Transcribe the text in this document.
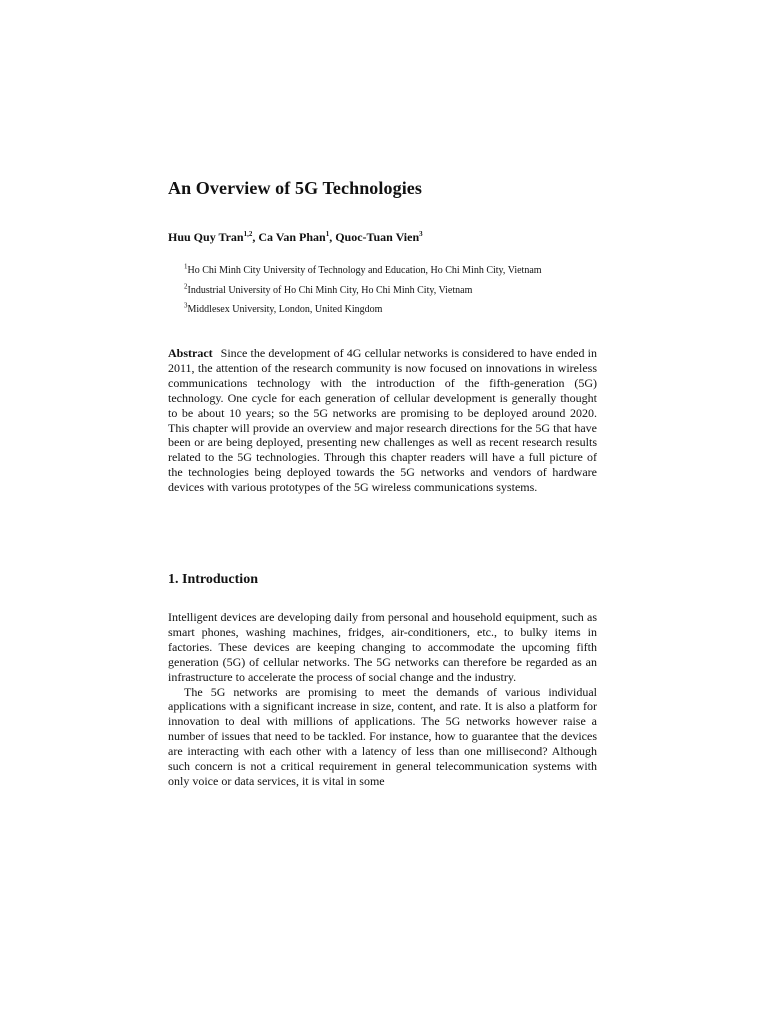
An Overview of 5G Technologies
Huu Quy Tran$^{1,2}$, Ca Van Phan$^1$, Quoc-Tuan Vien$^3$
$^1$Ho Chi Minh City University of Technology and Education, Ho Chi Minh City, Vietnam
$^2$Industrial University of Ho Chi Minh City, Ho Chi Minh City, Vietnam
$^3$Middlesex University, London, United Kingdom

Abstract Since the development of 4G cellular networks is considered to have ended in 2011, the attention of the research community is now focused on innovations in wireless communications technology with the introduction of the fifth-generation (5G) technology. One cycle for each generation of cellular development is generally thought to be about 10 years; so the 5G networks are promising to be deployed around 2020. This chapter will provide an overview and major research directions for the 5G that have been or are being deployed, presenting new challenges as well as recent research results related to the 5G technologies. Through this chapter readers will have a full picture of the technologies being deployed towards the 5G networks and vendors of hardware devices with various prototypes of the 5G wireless communications systems.

1. Introduction

Intelligent devices are developing daily from personal and household equipment, such as smart phones, washing machines, fridges, air-conditioners, etc., to bulky items in factories. These devices are keeping changing to accommodate the upcoming fifth generation (5G) of cellular networks. The 5G networks can therefore be regarded as an infrastructure to accelerate the process of social change and the industry.

The 5G networks are promising to meet the demands of various individual applications with a significant increase in size, content, and rate. It is also a platform for innovation to deal with millions of applications. The 5G networks however raise a number of issues that need to be tackled. For instance, how to guarantee that the devices are interacting with each other with a latency of less than one millisecond? Although such concern is not a critical requirement in general telecommunication systems with only voice or data services, it is vital in some
